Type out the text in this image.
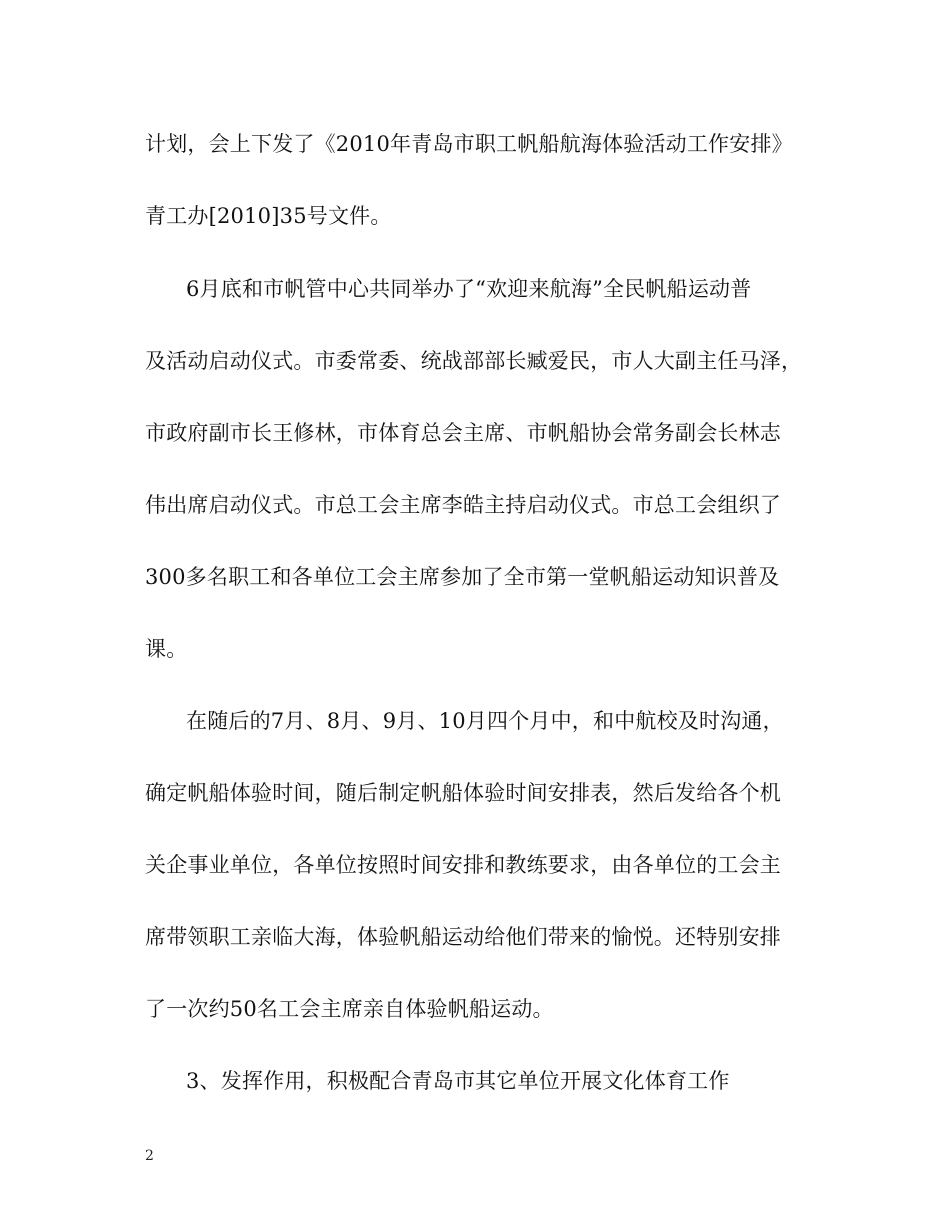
计划，会上下发了《2010年青岛市职工帆船航海体验活动工作安排》
青工办[2010]35号文件。
6月底和市帆管中心共同举办了“欢迎来航海”全民帆船运动普
及活动启动仪式。市委常委、统战部部长臧爱民，市人大副主任马泽，
市政府副市长王修林，市体育总会主席、市帆船协会常务副会长林志
伟出席启动仪式。市总工会主席李皓主持启动仪式。市总工会组织了
300多名职工和各单位工会主席参加了全市第一堂帆船运动知识普及
课。
在随后的7月、8月、9月、10月四个月中，和中航校及时沟通，
确定帆船体验时间，随后制定帆船体验时间安排表，然后发给各个机
关企事业单位，各单位按照时间安排和教练要求，由各单位的工会主
席带领职工亲临大海，体验帆船运动给他们带来的愉悦。还特别安排
了一次约50名工会主席亲自体验帆船运动。
3、发挥作用，积极配合青岛市其它单位开展文化体育工作
2
